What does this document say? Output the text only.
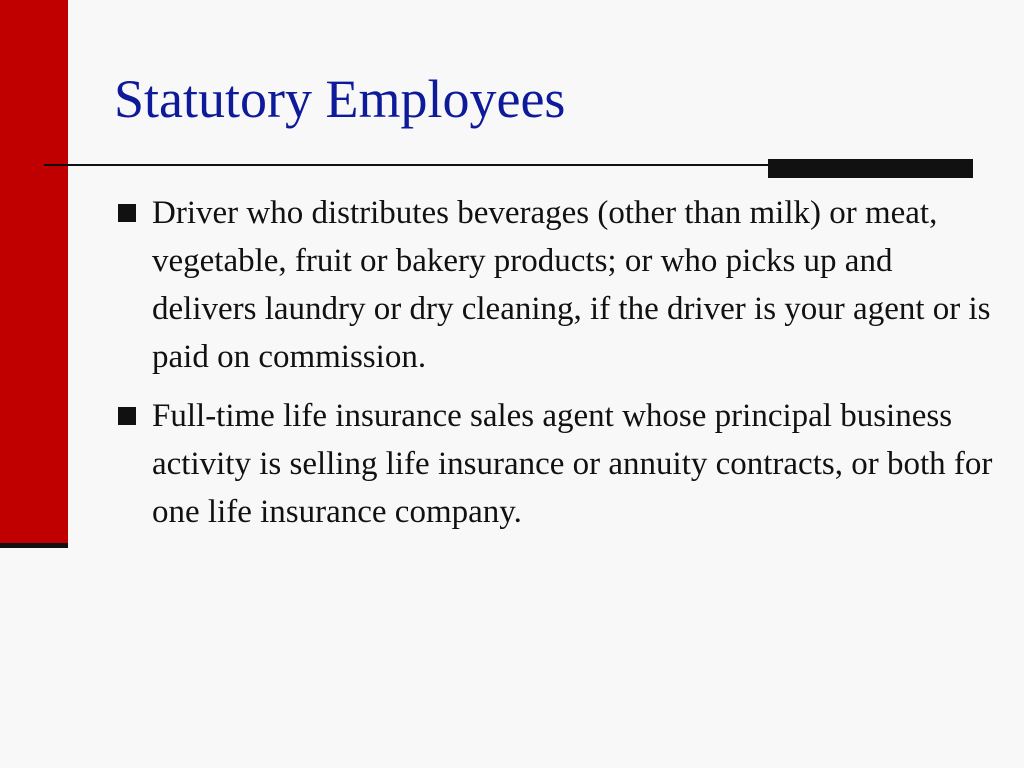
Statutory Employees
Driver who distributes beverages (other than milk) or meat, vegetable, fruit or bakery products; or who picks up and delivers laundry or dry cleaning, if the driver is your agent or is paid on commission.
Full-time life insurance sales agent whose principal business activity is selling life insurance or annuity contracts, or both for one life insurance company.
